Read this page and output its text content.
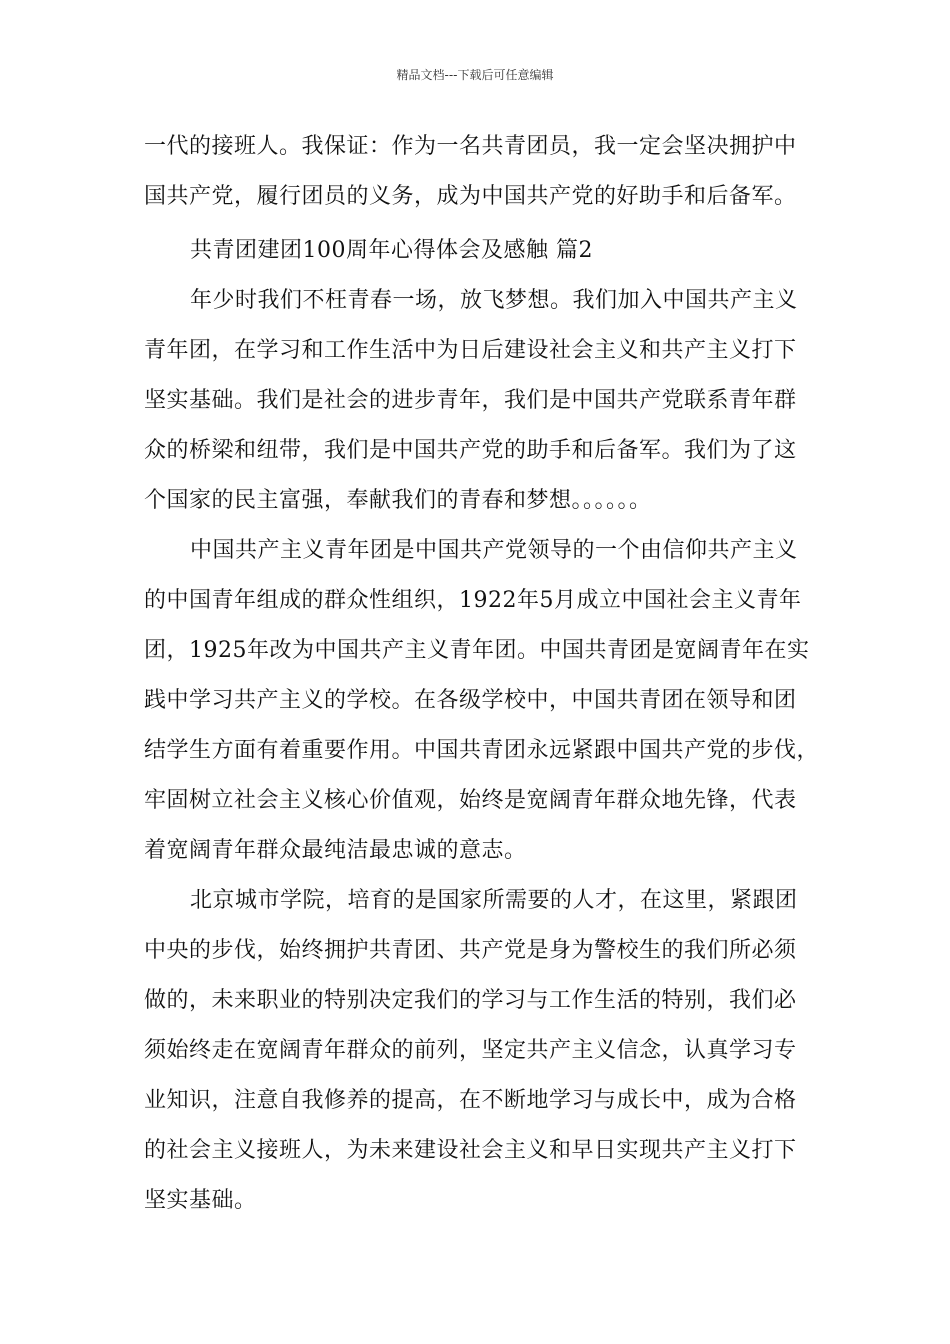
精品文档---下载后可任意编辑
一代的接班人。我保证：作为一名共青团员，我一定会坚决拥护中
国共产党，履行团员的义务，成为中国共产党的好助手和后备军。
共青团建团100周年心得体会及感触 篇2
年少时我们不枉青春一场，放飞梦想。我们加入中国共产主义
青年团，在学习和工作生活中为日后建设社会主义和共产主义打下
坚实基础。我们是社会的进步青年，我们是中国共产党联系青年群
众的桥梁和纽带，我们是中国共产党的助手和后备军。我们为了这
个国家的民主富强，奉献我们的青春和梦想。。。。。。
中国共产主义青年团是中国共产党领导的一个由信仰共产主义
的中国青年组成的群众性组织，1922年5月成立中国社会主义青年
团，1925年改为中国共产主义青年团。中国共青团是宽阔青年在实
践中学习共产主义的学校。在各级学校中，中国共青团在领导和团
结学生方面有着重要作用。中国共青团永远紧跟中国共产党的步伐，
牢固树立社会主义核心价值观，始终是宽阔青年群众地先锋，代表
着宽阔青年群众最纯洁最忠诚的意志。
北京城市学院，培育的是国家所需要的人才，在这里，紧跟团
中央的步伐，始终拥护共青团、共产党是身为警校生的我们所必须
做的，未来职业的特别决定我们的学习与工作生活的特别，我们必
须始终走在宽阔青年群众的前列，坚定共产主义信念，认真学习专
业知识，注意自我修养的提高，在不断地学习与成长中，成为合格
的社会主义接班人，为未来建设社会主义和早日实现共产主义打下
坚实基础。
